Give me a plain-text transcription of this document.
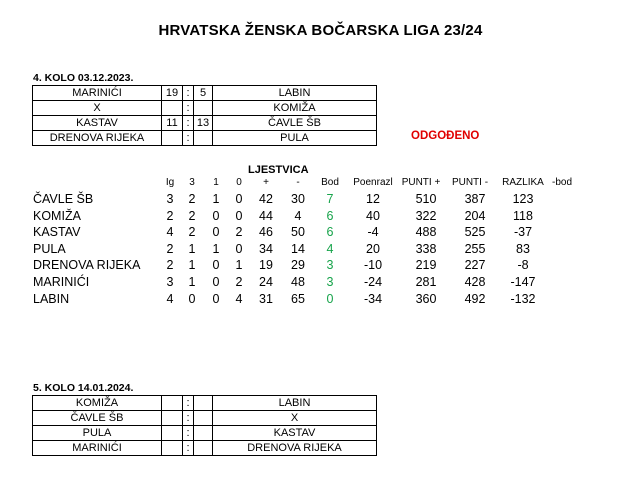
HRVATSKA ŽENSKA BOČARSKA LIGA 23/24
4. KOLO 03.12.2023.
MARINIĆI	19	:	5	LABIN
X		:		KOMIŽA
KASTAV	11	:	13	ČAVLE ŠB
DRENOVA RIJEKA		:		PULA	ODGOĐENO
LJESTVICA
Ig 3 1 0 +	- Bod Poenrazl PUNTI + PUNTI - RAZLIKA -bod
ČAVLE ŠB	3 2 1 0 42 30 7	12	510 387 123
KOMIŽA	2 2 0 0 44 4 6	40	322 204 118
KASTAV	4 2 0 2 46 50 6	-4	488 525 -37
PULA	2 1 1 0 34 14 4	20	338 255 83
DRENOVA RIJEKA 2 1 0 1 19 29 3 -10	219 227	-8
MARINIĆI	3 1 0 2 24 48 3 -24	281 428 -147
LABIN	4 0 0 4 31 65 0 -34	360 492 -132
5. KOLO 14.01.2024.
KOMIŽA		:		LABIN
ČAVLE ŠB		:		X
PULA		:		KASTAV
MARINIĆI		:		DRENOVA RIJEKA
